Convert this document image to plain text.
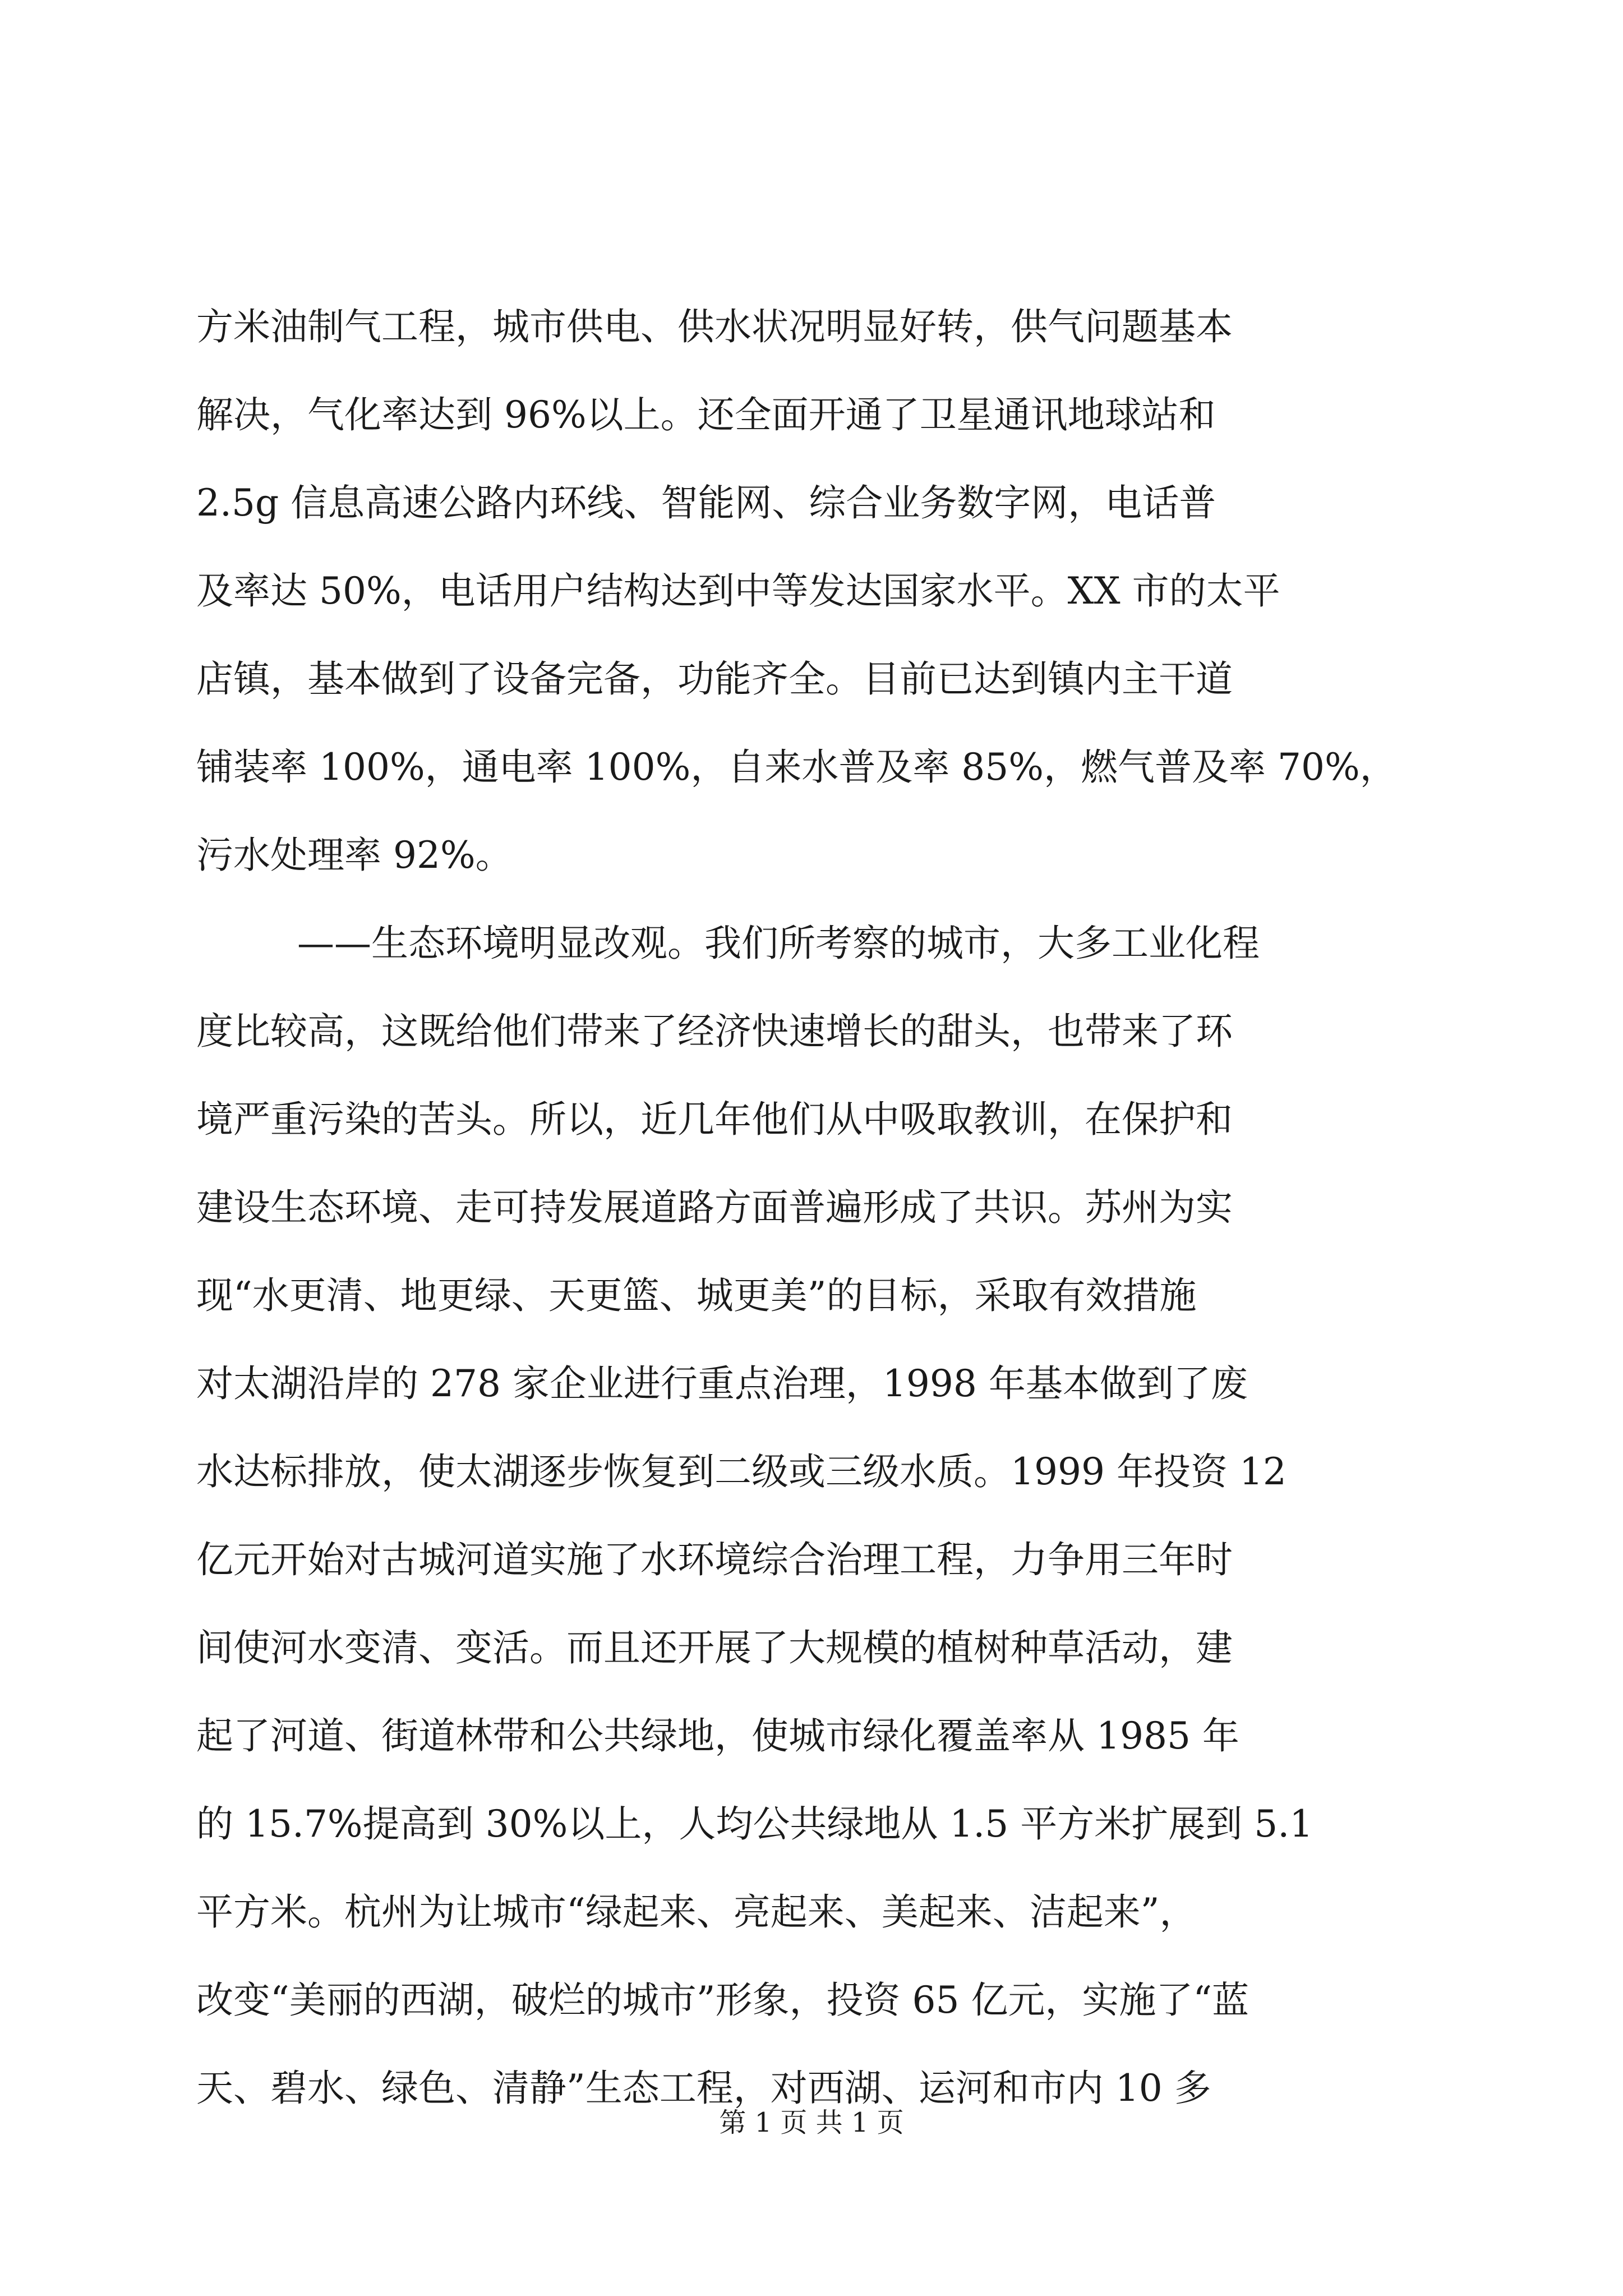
方米油制气工程，城市供电、供水状况明显好转，供气问题基本
解决，气化率达到 96%以上。还全面开通了卫星通讯地球站和
2.5g 信息高速公路内环线、智能网、综合业务数字网，电话普
及率达 50%，电话用户结构达到中等发达国家水平。XX 市的太平
店镇，基本做到了设备完备，功能齐全。目前已达到镇内主干道
铺装率 100%，通电率 100%，自来水普及率 85%，燃气普及率 70%，
污水处理率 92%。
——生态环境明显改观。我们所考察的城市，大多工业化程
度比较高，这既给他们带来了经济快速增长的甜头，也带来了环
境严重污染的苦头。所以，近几年他们从中吸取教训，在保护和
建设生态环境、走可持发展道路方面普遍形成了共识。苏州为实
现“水更清、地更绿、天更篮、城更美”的目标，采取有效措施
对太湖沿岸的 278 家企业进行重点治理，1998 年基本做到了废
水达标排放，使太湖逐步恢复到二级或三级水质。1999 年投资 12
亿元开始对古城河道实施了水环境综合治理工程，力争用三年时
间使河水变清、变活。而且还开展了大规模的植树种草活动，建
起了河道、街道林带和公共绿地，使城市绿化覆盖率从 1985 年
的 15.7%提高到 30%以上，人均公共绿地从 1.5 平方米扩展到 5.1
平方米。杭州为让城市“绿起来、亮起来、美起来、洁起来”，
改变“美丽的西湖，破烂的城市”形象，投资 65 亿元，实施了“蓝
天、碧水、绿色、清静”生态工程，对西湖、运河和市内 10 多
第 1 页 共 1 页
